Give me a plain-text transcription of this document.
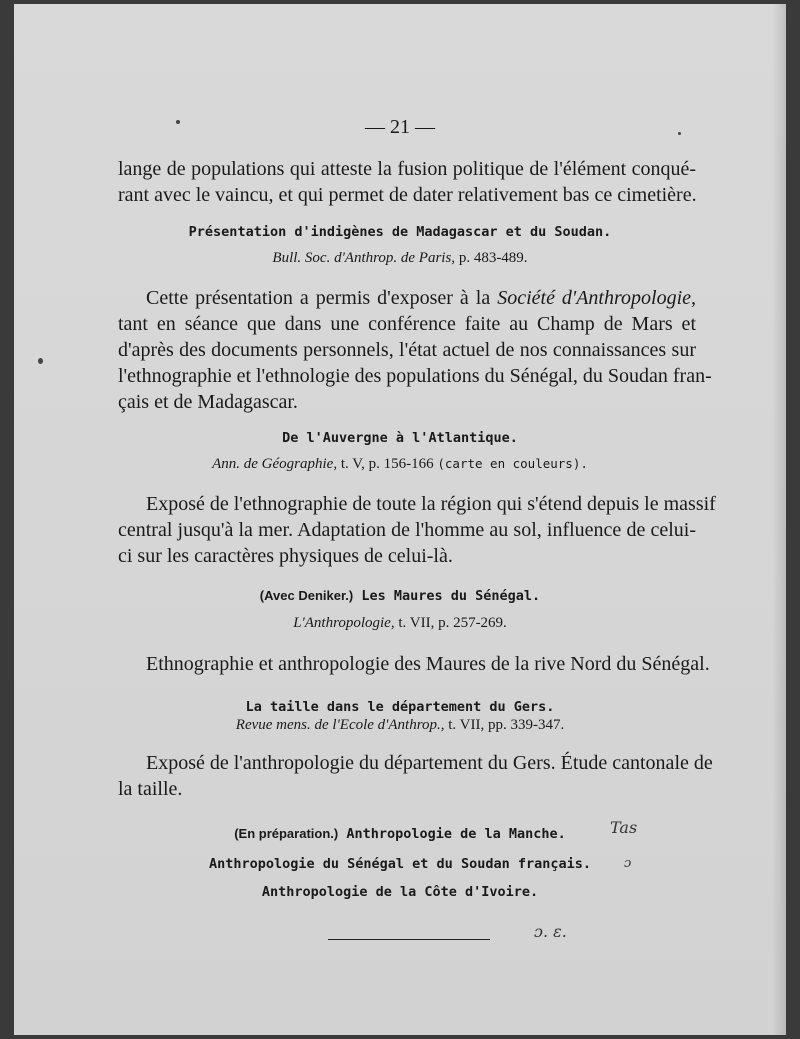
— 21 —
lange de populations qui atteste la fusion politique de l'élément conqué-
rant avec le vaincu, et qui permet de dater relativement bas ce cimetière.
Présentation d'indigènes de Madagascar et du Soudan.
Bull. Soc. d'Anthrop. de Paris, p. 483-489.
Cette présentation a permis d'exposer à la Société d'Anthropologie,
tant en séance que dans une conférence faite au Champ de Mars et
d'après des documents personnels, l'état actuel de nos connaissances sur
l'ethnographie et l'ethnologie des populations du Sénégal, du Soudan fran-
çais et de Madagascar.
De l'Auvergne à l'Atlantique.
Ann. de Géographie, t. V, p. 156-166 (carte en couleurs).
Exposé de l'ethnographie de toute la région qui s'étend depuis le massif
central jusqu'à la mer. Adaptation de l'homme au sol, influence de celui-
ci sur les caractères physiques de celui-là.
(Avec Deniker.) Les Maures du Sénégal.
L'Anthropologie, t. VII, p. 257-269.
Ethnographie et anthropologie des Maures de la rive Nord du Sénégal.
La taille dans le département du Gers.
Revue mens. de l'Ecole d'Anthrop., t. VII, pp. 339-347.
Exposé de l'anthropologie du département du Gers. Étude cantonale de
la taille.
(En préparation.) Anthropologie de la Manche.
Anthropologie du Sénégal et du Soudan français.
Anthropologie de la Côte d'Ivoire.
Tas
ɔ
ɔ. ɛ.
